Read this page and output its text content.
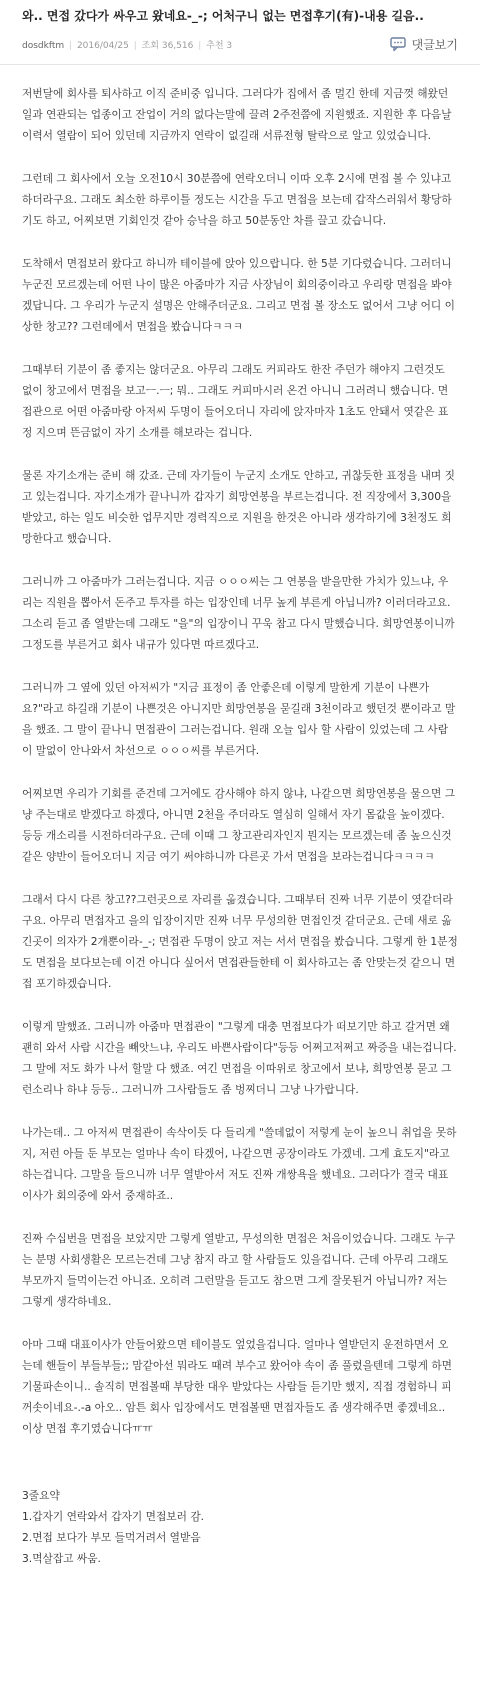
와.. 면접 갔다가 싸우고 왔네요-_-; 어처구니 없는 면접후기(有)-내용 길음..
dosdkftm | 2016/04/25 | 조회 36,516 | 추천 3	댓글보기

저번달에 회사를 퇴사하고 이직 준비중 입니다. 그러다가 집에서 좀 멀긴 한데 지금껏 해왔던 일과 연관되는 업종이고 잔업이 거의 없다는말에 끌려 2주전쯤에 지원했죠. 지원한 후 다음날 이력서 열람이 되어 있던데 지금까지 연락이 없길래 서류전형 탈락으로 알고 있었습니다.

그런데 그 회사에서 오늘 오전10시 30분쯤에 연락오더니 이따 오후 2시에 면접 볼 수 있냐고 하더라구요. 그래도 최소한 하루이틀 정도는 시간을 두고 면접을 보는데 갑작스러워서 황당하기도 하고, 어찌보면 기회인것 같아 승낙을 하고 50분동안 차를 끌고 갔습니다.

도착해서 면접보러 왔다고 하니까 테이블에 앉아 있으랍니다. 한 5분 기다렸습니다. 그러더니 누군진 모르겠는데 어떤 나이 많은 아줌마가 지금 사장님이 회의중이라고 우리랑 면접을 봐야겠답니다. 그 우리가 누군지 설명은 안해주더군요. 그리고 면접 볼 장소도 없어서 그냥 어디 이상한 창고?? 그런데에서 면접을 봤습니다ㅋㅋㅋ

그때부터 기분이 좀 좋지는 않더군요. 아무리 그래도 커피라도 한잔 주던가 해야지 그런것도 없이 창고에서 면접을 보고ㅡ.ㅡ; 뭐.. 그래도 커피마시러 온건 아니니 그러려니 했습니다. 면접관으로 어떤 아줌마랑 아저씨 두명이 들어오더니 자리에 앉자마자 1초도 안돼서 엿같은 표정 지으며 뜬금없이 자기 소개를 해보라는 겁니다.

물론 자기소개는 준비 해 갔죠. 근데 자기들이 누군지 소개도 안하고, 귀찮듯한 표정을 내며 짓고 있는겁니다. 자기소개가 끝나니까 갑자기 희망연봉을 부르는겁니다. 전 직장에서 3,300을 받았고, 하는 일도 비슷한 업무지만 경력직으로 지원을 한것은 아니라 생각하기에 3천정도 희망한다고 했습니다.

그러니까 그 아줌마가 그러는겁니다. 지금 ㅇㅇㅇ씨는 그 연봉을 받을만한 가치가 있느냐, 우리는 직원을 뽑아서 돈주고 투자를 하는 입장인데 너무 높게 부른게 아닙니까? 이러더라고요. 그소리 듣고 좀 열받는데 그래도 "을"의 입장이니 꾸욱 참고 다시 말했습니다. 희망연봉이니까 그정도를 부른거고 회사 내규가 있다면 따르겠다고.

그러니까 그 옆에 있던 아저씨가 "지금 표정이 좀 안좋은데 이렇게 말한게 기분이 나쁜가요?"라고 하길래 기분이 나쁜것은 아니지만 희망연봉을 묻길래 3천이라고 했던것 뿐이라고 말을 했죠. 그 말이 끝나니 면접관이 그러는겁니다. 원래 오늘 입사 할 사람이 있었는데 그 사람이 말없이 안나와서 차선으로 ㅇㅇㅇ씨를 부른거다.

어찌보면 우리가 기회를 준건데 그거에도 감사해야 하지 않냐, 나같으면 희망연봉을 물으면 그냥 주는대로 받겠다고 하겠다, 아니면 2천을 주더라도 열심히 일해서 자기 몸값을 높이겠다. 등등 개소리를 시전하더라구요. 근데 이때 그 창고관리자인지 뭔지는 모르겠는데 좀 높으신것 같은 양반이 들어오더니 지금 여기 써야하니까 다른곳 가서 면접을 보라는겁니다ㅋㅋㅋㅋ

그래서 다시 다른 창고??그런곳으로 자리를 옮겼습니다. 그때부터 진짜 너무 기분이 엿같더라구요. 아무리 면접자고 을의 입장이지만 진짜 너무 무성의한 면접인것 같더군요. 근데 새로 옮긴곳이 의자가 2개뿐이라-_-; 면접관 두명이 앉고 저는 서서 면접을 봤습니다. 그렇게 한 1분정도 면접을 보다보는데 이건 아니다 싶어서 면접관들한테 이 회사하고는 좀 안맞는것 같으니 면접 포기하겠습니다.

이렇게 말했죠. 그러니까 아줌마 면접관이 "그렇게 대충 면접보다가 떠보기만 하고 갈거면 왜 괜히 와서 사람 시간을 빼앗느냐, 우리도 바쁜사람이다"등등 어쩌고저쩌고 짜증을 내는겁니다. 그 말에 저도 화가 나서 할말 다 했죠. 여긴 면접을 이따위로 창고에서 보냐, 희망연봉 묻고 그런소리나 하냐 등등.. 그러니까 그사람들도 좀 벙찌더니 그냥 나가랍니다.

나가는데.. 그 아저씨 면접관이 속삭이듯 다 들리게 "쓸데없이 저렇게 눈이 높으니 취업을 못하지, 저런 아들 둔 부모는 얼마나 속이 타겠어, 나같으면 공장이라도 가겠네. 그게 효도지"라고 하는겁니다. 그말을 들으니까 너무 열받아서 저도 진짜 개쌍욕을 했네요. 그러다가 결국 대표이사가 회의중에 와서 중재하죠..

진짜 수십번을 면접을 보았지만 그렇게 열받고, 무성의한 면접은 처음이었습니다. 그래도 누구는 분명 사회생활은 모르는건데 그냥 참지 라고 할 사람들도 있을겁니다. 근데 아무리 그래도 부모까지 들먹이는건 아니죠. 오히려 그런말을 듣고도 참으면 그게 잘못된거 아닙니까? 저는 그렇게 생각하네요.

아마 그때 대표이사가 안들어왔으면 테이블도 엎었을겁니다. 얼마나 열받던지 운전하면서 오는데 핸들이 부들부들;; 맘같아선 뭐라도 때려 부수고 왔어야 속이 좀 풀렸을텐데 그렇게 하면 기물파손이니.. 솔직히 면접볼때 부당한 대우 받았다는 사람들 듣기만 했지, 직접 경험하니 피꺼솟이네요-.-a 아오.. 암튼 회사 입장에서도 면접볼땐 면접자들도 좀 생각해주면 좋겠네요.. 이상 면접 후기였습니다ㅠㅠ

3줄요약

1.갑자기 연락와서 갑자기 면접보러 감.

2.면접 보다가 부모 들먹거려서 열받음

3.멱살잡고 싸움.
